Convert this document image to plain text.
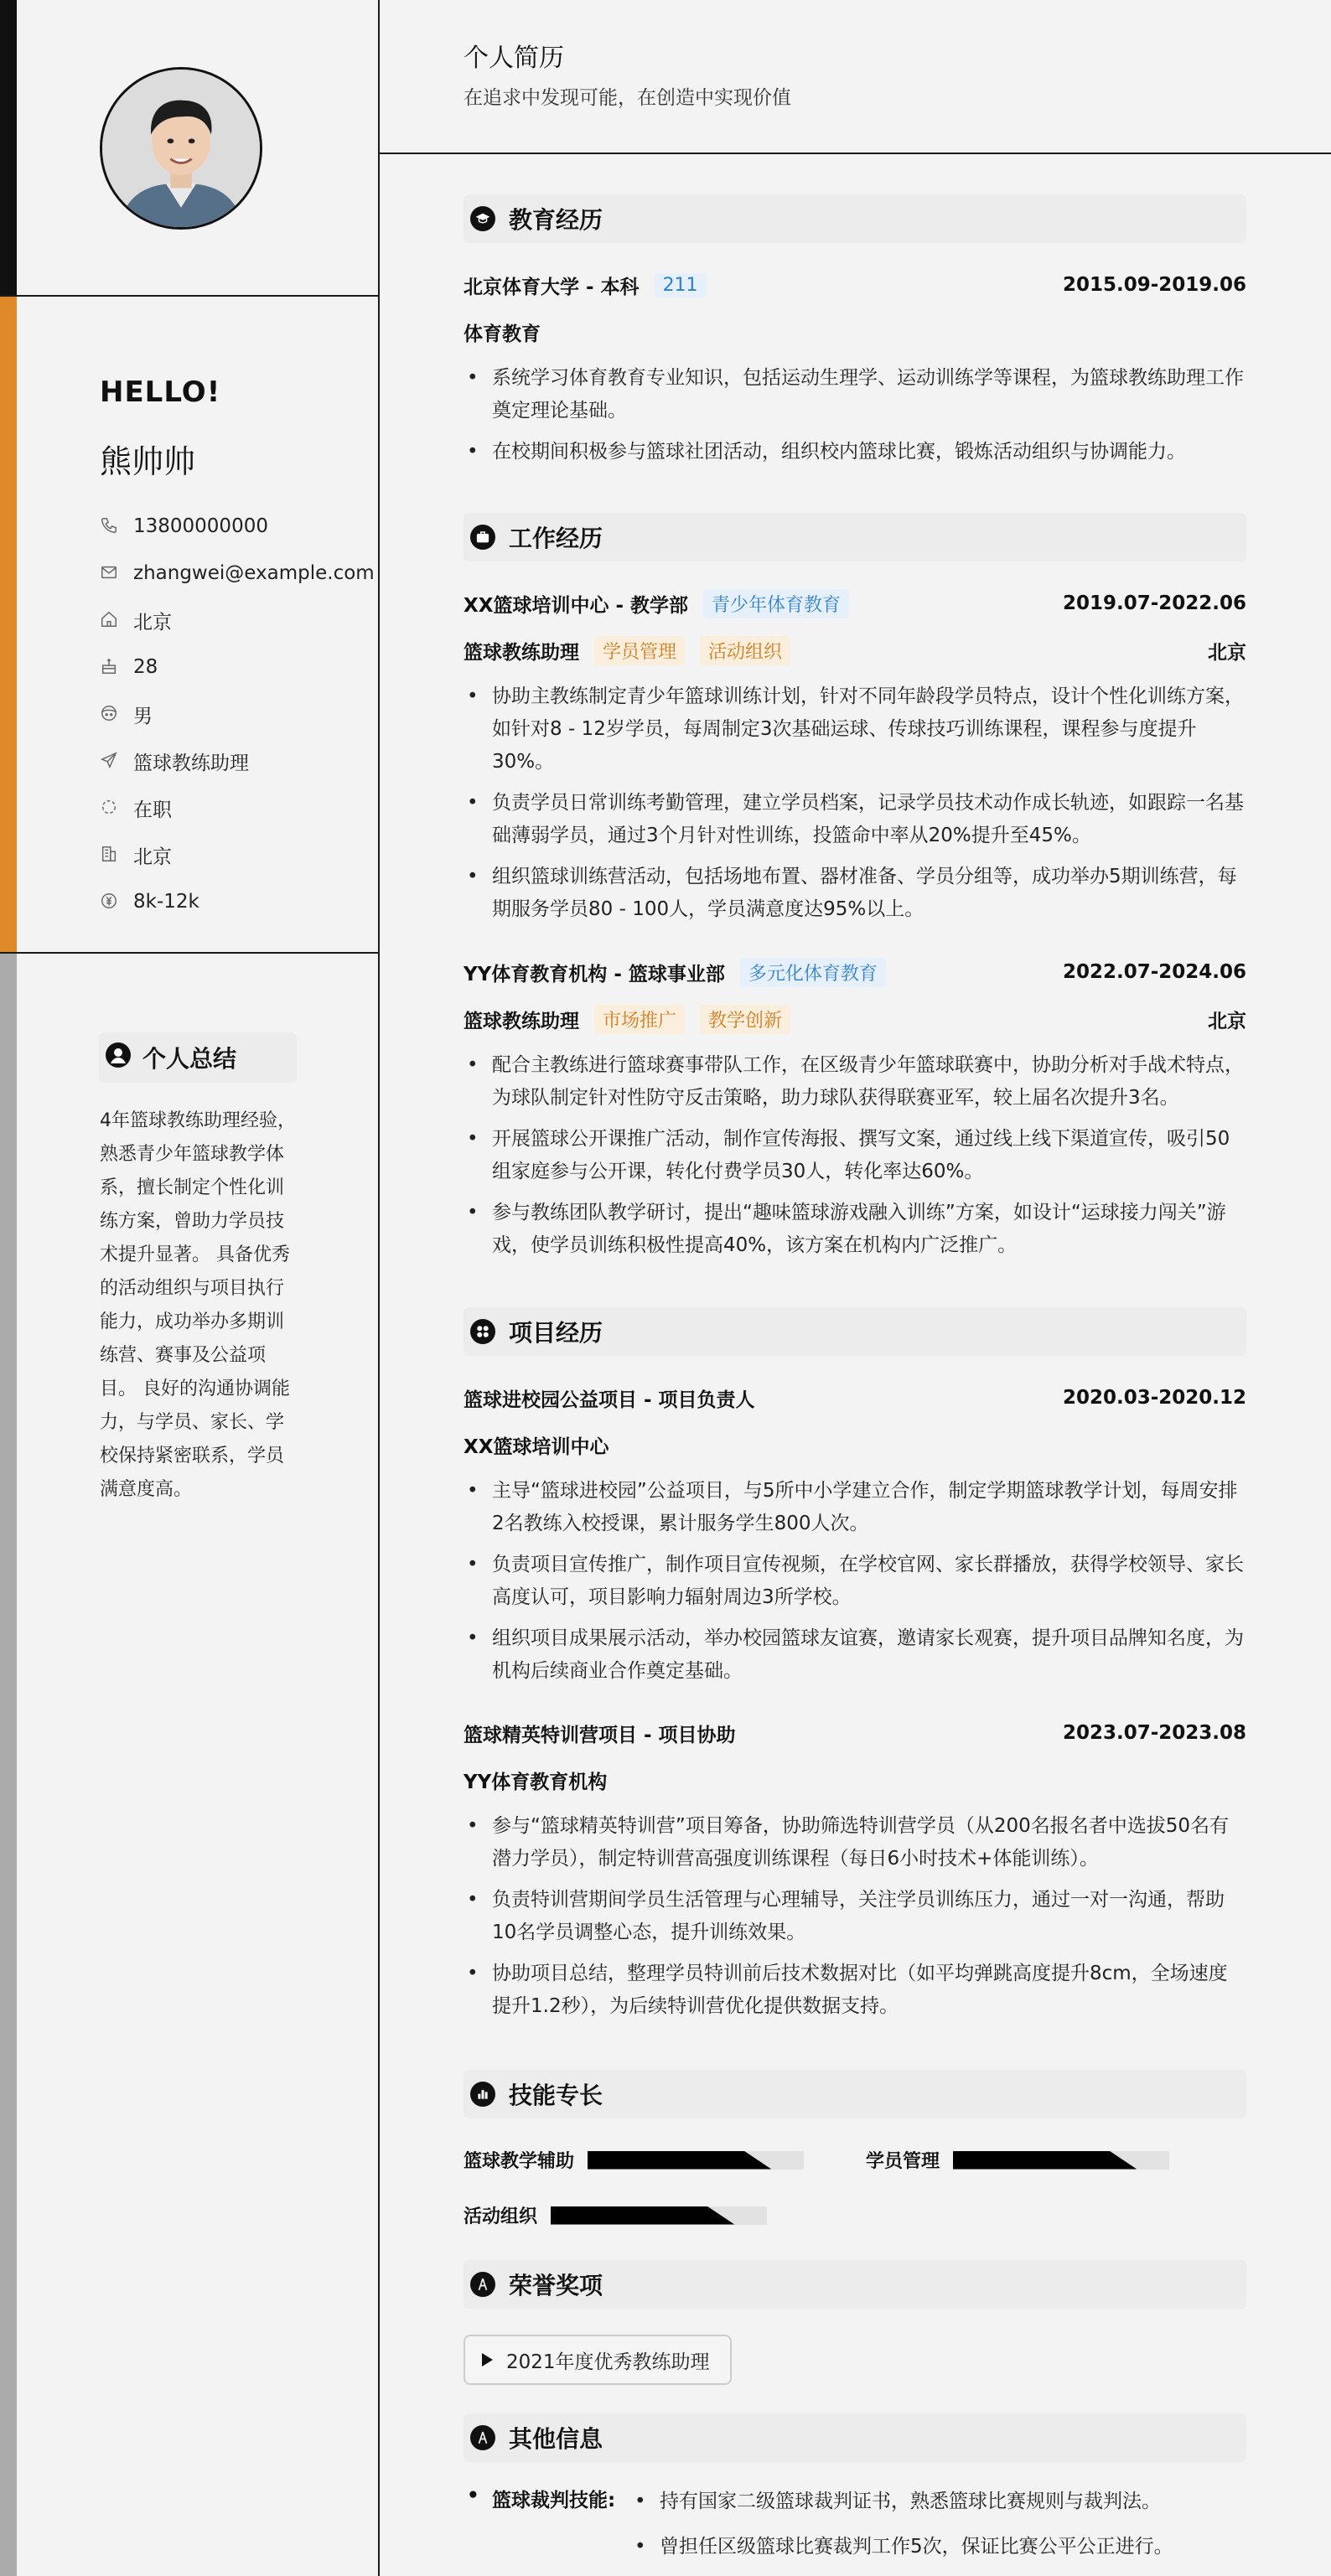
HELLO!
熊帅帅
13800000000
zhangwei@example.com
北京
28
男
篮球教练助理
在职
北京
8k-12k
个人总结

4年篮球教练助理经验，熟悉青少年篮球教学体系，擅长制定个性化训练方案，曾助力学员技术提升显著。 具备优秀的活动组织与项目执行能力，成功举办多期训练营、赛事及公益项目。 良好的沟通协调能力，与学员、家长、学校保持紧密联系，学员满意度高。

个人简历

在追求中发现可能，在创造中实现价值

教育经历
北京体育大学 - 本科	211	2015.09-2019.06
体育教育
• 系统学习体育教育专业知识，包括运动生理学、运动训练学等课程，为篮球教练助理工作奠定理论基础。
• 在校期间积极参与篮球社团活动，组织校内篮球比赛，锻炼活动组织与协调能力。
工作经历
XX篮球培训中心 - 教学部	青少年体育教育	2019.07-2022.06
篮球教练助理	学员管理	活动组织	北京
• 协助主教练制定青少年篮球训练计划，针对不同年龄段学员特点，设计个性化训练方案，如针对8 - 12岁学员，每周制定3次基础运球、传球技巧训练课程，课程参与度提升30%。
• 负责学员日常训练考勤管理，建立学员档案，记录学员技术动作成长轨迹，如跟踪一名基础薄弱学员，通过3个月针对性训练，投篮命中率从20%提升至45%。
• 组织篮球训练营活动，包括场地布置、器材准备、学员分组等，成功举办5期训练营，每期服务学员80 - 100人，学员满意度达95%以上。
YY体育教育机构 - 篮球事业部	多元化体育教育	2022.07-2024.06
篮球教练助理	市场推广	教学创新	北京
• 配合主教练进行篮球赛事带队工作，在区级青少年篮球联赛中，协助分析对手战术特点，为球队制定针对性防守反击策略，助力球队获得联赛亚军，较上届名次提升3名。
• 开展篮球公开课推广活动，制作宣传海报、撰写文案，通过线上线下渠道宣传，吸引50组家庭参与公开课，转化付费学员30人，转化率达60%。
• 参与教练团队教学研讨，提出“趣味篮球游戏融入训练”方案，如设计“运球接力闯关”游戏，使学员训练积极性提高40%，该方案在机构内广泛推广。
项目经历
篮球进校园公益项目 - 项目负责人	2020.03-2020.12
XX篮球培训中心
• 主导“篮球进校园”公益项目，与5所中小学建立合作，制定学期篮球教学计划，每周安排2名教练入校授课，累计服务学生800人次。
• 负责项目宣传推广，制作项目宣传视频，在学校官网、家长群播放，获得学校领导、家长高度认可，项目影响力辐射周边3所学校。
• 组织项目成果展示活动，举办校园篮球友谊赛，邀请家长观赛，提升项目品牌知名度，为机构后续商业合作奠定基础。
篮球精英特训营项目 - 项目协助	2023.07-2023.08
YY体育教育机构
• 参与“篮球精英特训营”项目筹备，协助筛选特训营学员（从200名报名者中选拔50名有潜力学员），制定特训营高强度训练课程（每日6小时技术+体能训练）。
• 负责特训营期间学员生活管理与心理辅导，关注学员训练压力，通过一对一沟通，帮助10名学员调整心态，提升训练效果。
• 协助项目总结，整理学员特训前后技术数据对比（如平均弹跳高度提升8cm，全场速度提升1.2秒），为后续特训营优化提供数据支持。
技能专长
篮球教学辅助	学员管理
活动组织
荣誉奖项
2021年度优秀教练助理
其他信息
• 篮球裁判技能:
•	持有国家二级篮球裁判证书，熟悉篮球比赛规则与裁判法。
• 曾担任区级篮球比赛裁判工作5次，保证比赛公平公正进行。
